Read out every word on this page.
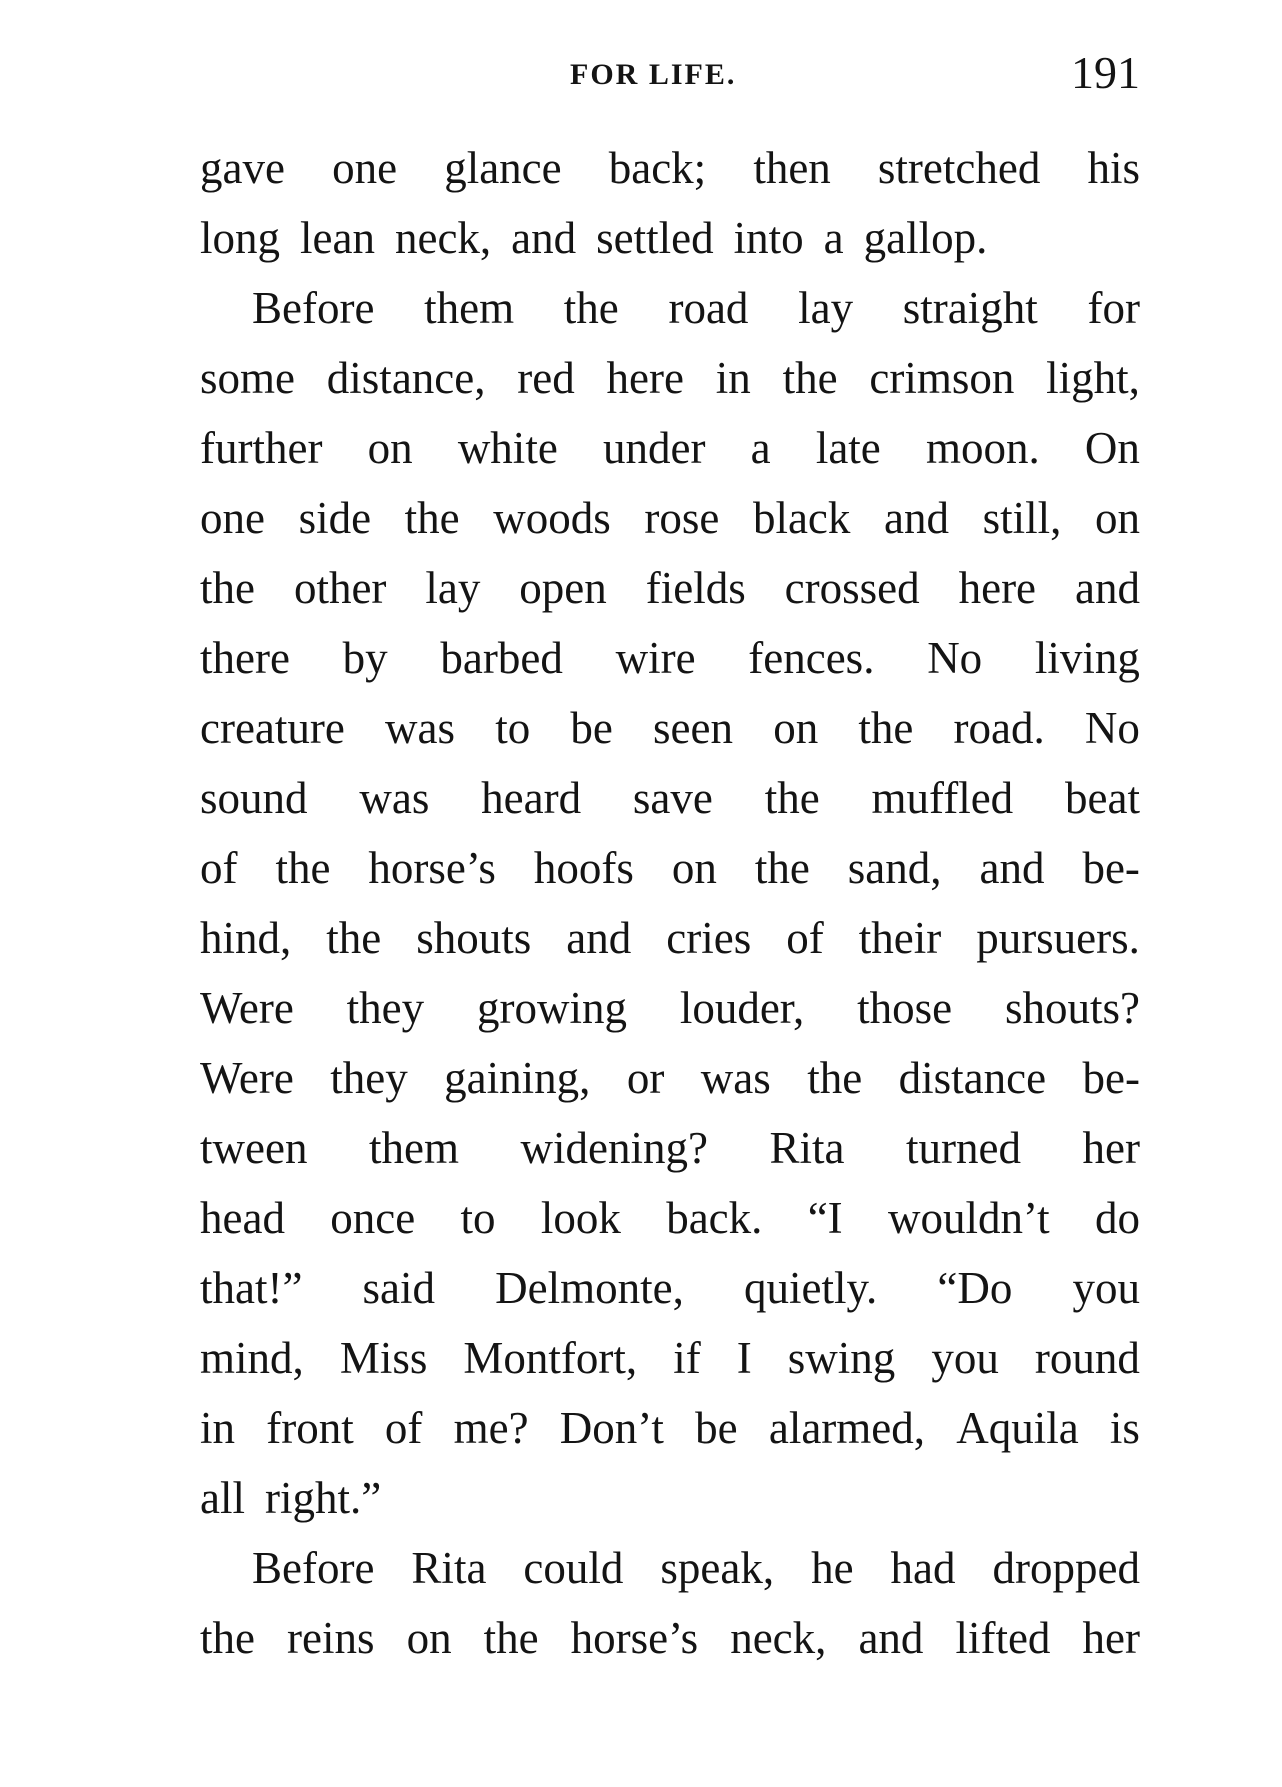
FOR LIFE.	191
gave one glance back; then stretched his
long lean neck, and settled into a gallop.
Before them the road lay straight for
some distance, red here in the crimson light,
further on white under a late moon. On
one side the woods rose black and still, on
the other lay open fields crossed here and
there by barbed wire fences. No living
creature was to be seen on the road. No
sound was heard save the muffled beat
of the horse’s hoofs on the sand, and be-
hind, the shouts and cries of their pursuers.
Were they growing louder, those shouts?
Were they gaining, or was the distance be-
tween them widening? Rita turned her
head once to look back. “I wouldn’t do
that!” said Delmonte, quietly. “Do you
mind, Miss Montfort, if I swing you round
in front of me? Don’t be alarmed, Aquila is
all right.”
Before Rita could speak, he had dropped
the reins on the horse’s neck, and lifted her
